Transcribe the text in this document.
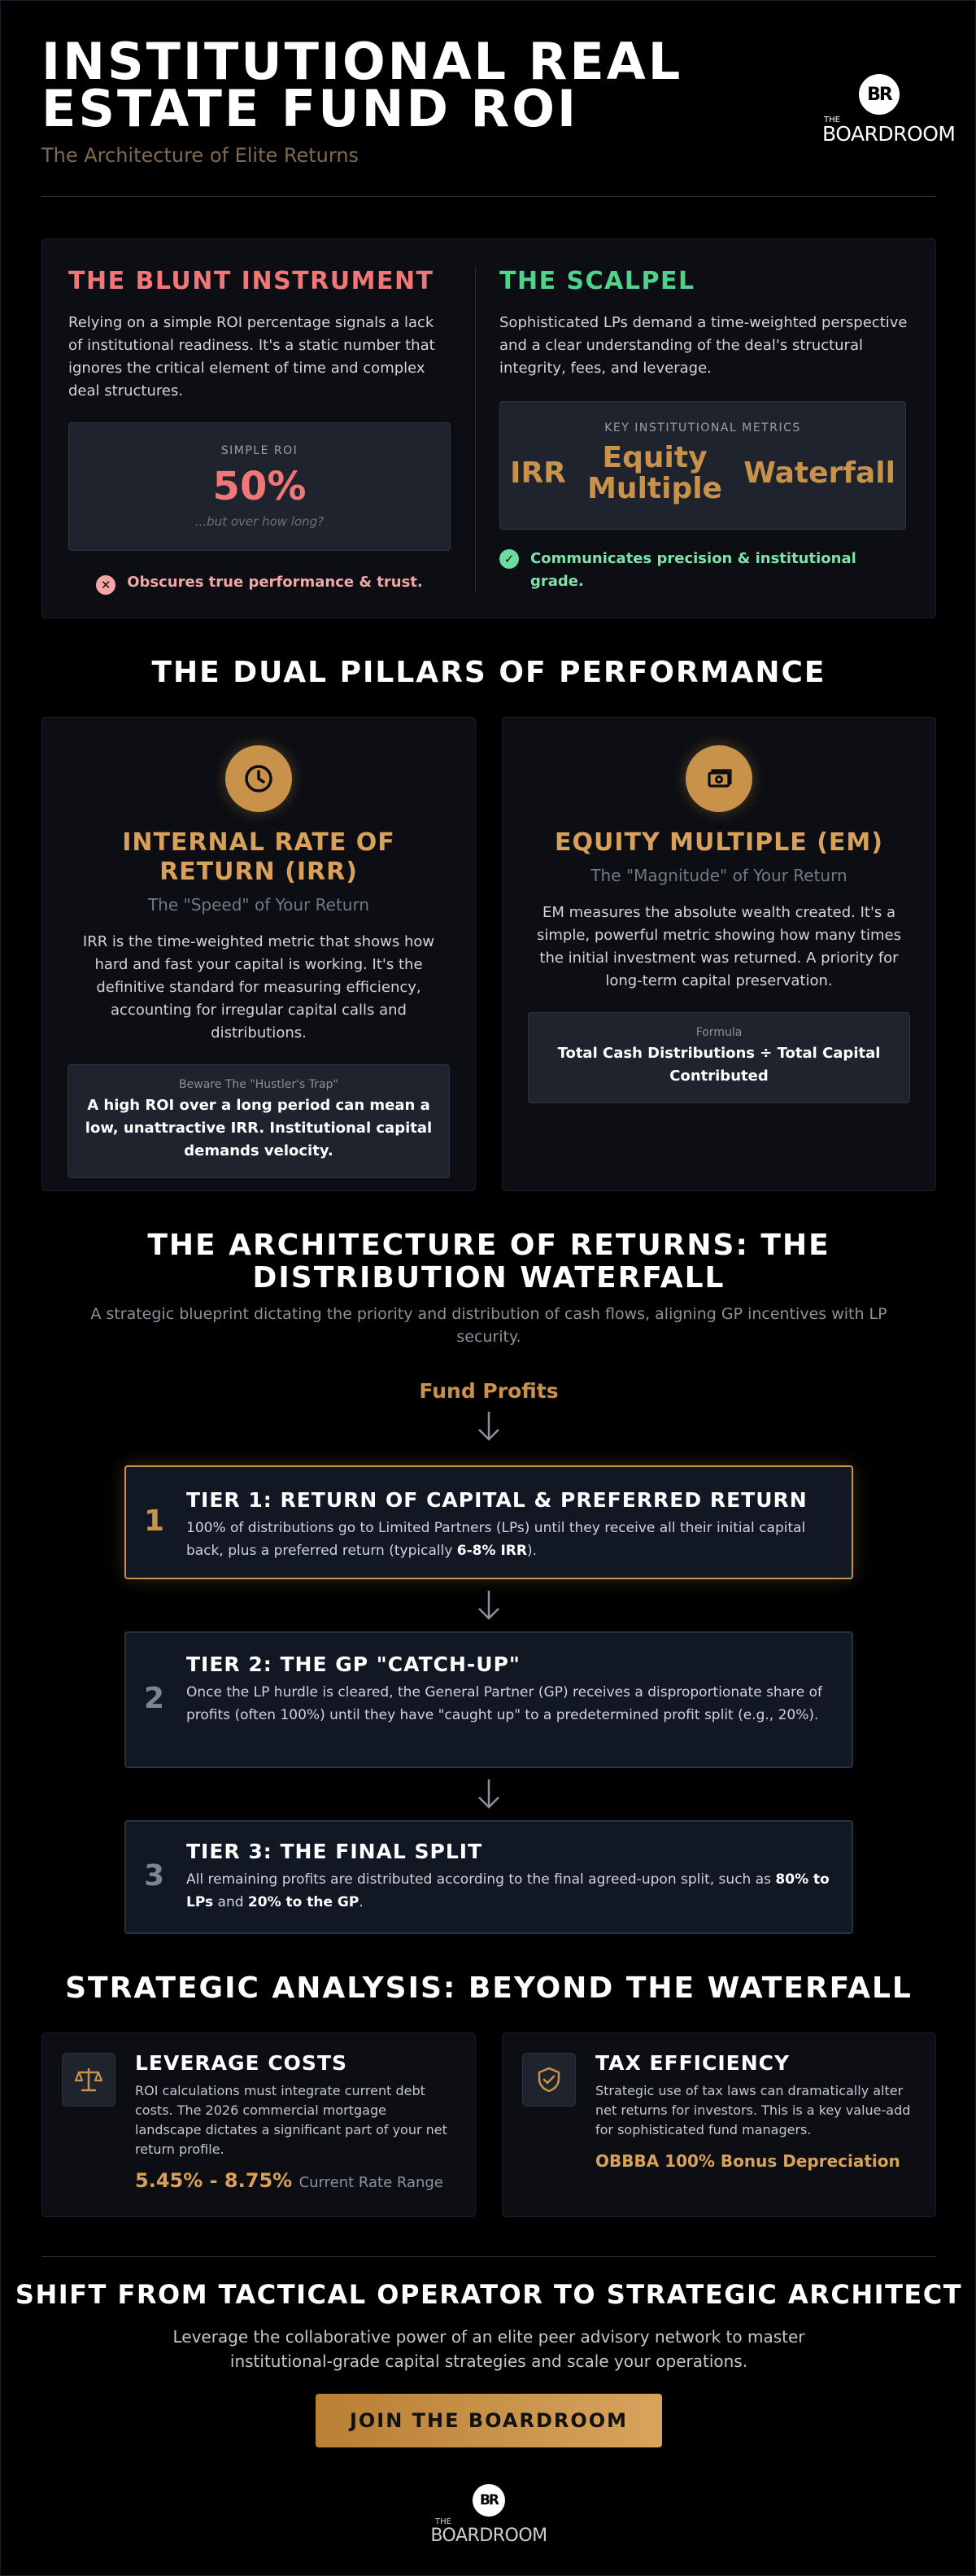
INSTITUTIONAL REAL ESTATE FUND ROI
The Architecture of Elite Returns
BR
THE
BOARDROOM
THE BLUNT INSTRUMENT

Relying on a simple ROI percentage signals a lack of institutional readiness. It's a static number that ignores the critical element of time and complex deal structures.

SIMPLE ROI
50%
...but over how long?
✕	Obscures true performance & trust.
THE SCALPEL

Sophisticated LPs demand a time-weighted perspective and a clear understanding of the deal's structural integrity, fees, and leverage.

KEY INSTITUTIONAL METRICS
IRR	Equity Multiple Waterfall
✓	Communicates precision & institutional grade.
THE DUAL PILLARS OF PERFORMANCE
INTERNAL RATE OF RETURN (IRR)
The "Speed" of Your Return

IRR is the time-weighted metric that shows how hard and fast your capital is working. It's the definitive standard for measuring efficiency, accounting for irregular capital calls and distributions.

Beware The "Hustler's Trap"
A high ROI over a long period can mean a low, unattractive IRR. Institutional capital demands velocity.
EQUITY MULTIPLE (EM)
The "Magnitude" of Your Return

EM measures the absolute wealth created. It's a simple, powerful metric showing how many times the initial investment was returned. A priority for long-term capital preservation.

Formula
Total Cash Distributions ÷ Total Capital Contributed
THE ARCHITECTURE OF RETURNS: THE DISTRIBUTION WATERFALL
A strategic blueprint dictating the priority and distribution of cash flows, aligning GP incentives with LP security.
Fund Profits
1
TIER 1: RETURN OF CAPITAL & PREFERRED RETURN

100% of distributions go to Limited Partners (LPs) until they receive all their initial capital back, plus a preferred return (typically 6-8% IRR).

2
TIER 2: THE GP "CATCH-UP"

Once the LP hurdle is cleared, the General Partner (GP) receives a disproportionate share of profits (often 100%) until they have "caught up" to a predetermined profit split (e.g., 20%).

3
TIER 3: THE FINAL SPLIT

All remaining profits are distributed according to the final agreed-upon split, such as 80% to LPs and 20% to the GP.

STRATEGIC ANALYSIS: BEYOND THE WATERFALL
LEVERAGE COSTS

ROI calculations must integrate current debt costs. The 2026 commercial mortgage landscape dictates a significant part of your net return profile.

5.45% - 8.75% Current Rate Range
TAX EFFICIENCY

Strategic use of tax laws can dramatically alter net returns for investors. This is a key value-add for sophisticated fund managers.

OBBBA 100% Bonus Depreciation
SHIFT FROM TACTICAL OPERATOR TO STRATEGIC ARCHITECT
Leverage the collaborative power of an elite peer advisory network to master institutional-grade capital strategies and scale your operations.
JOIN THE BOARDROOM
BR
THE
BOARDROOM
